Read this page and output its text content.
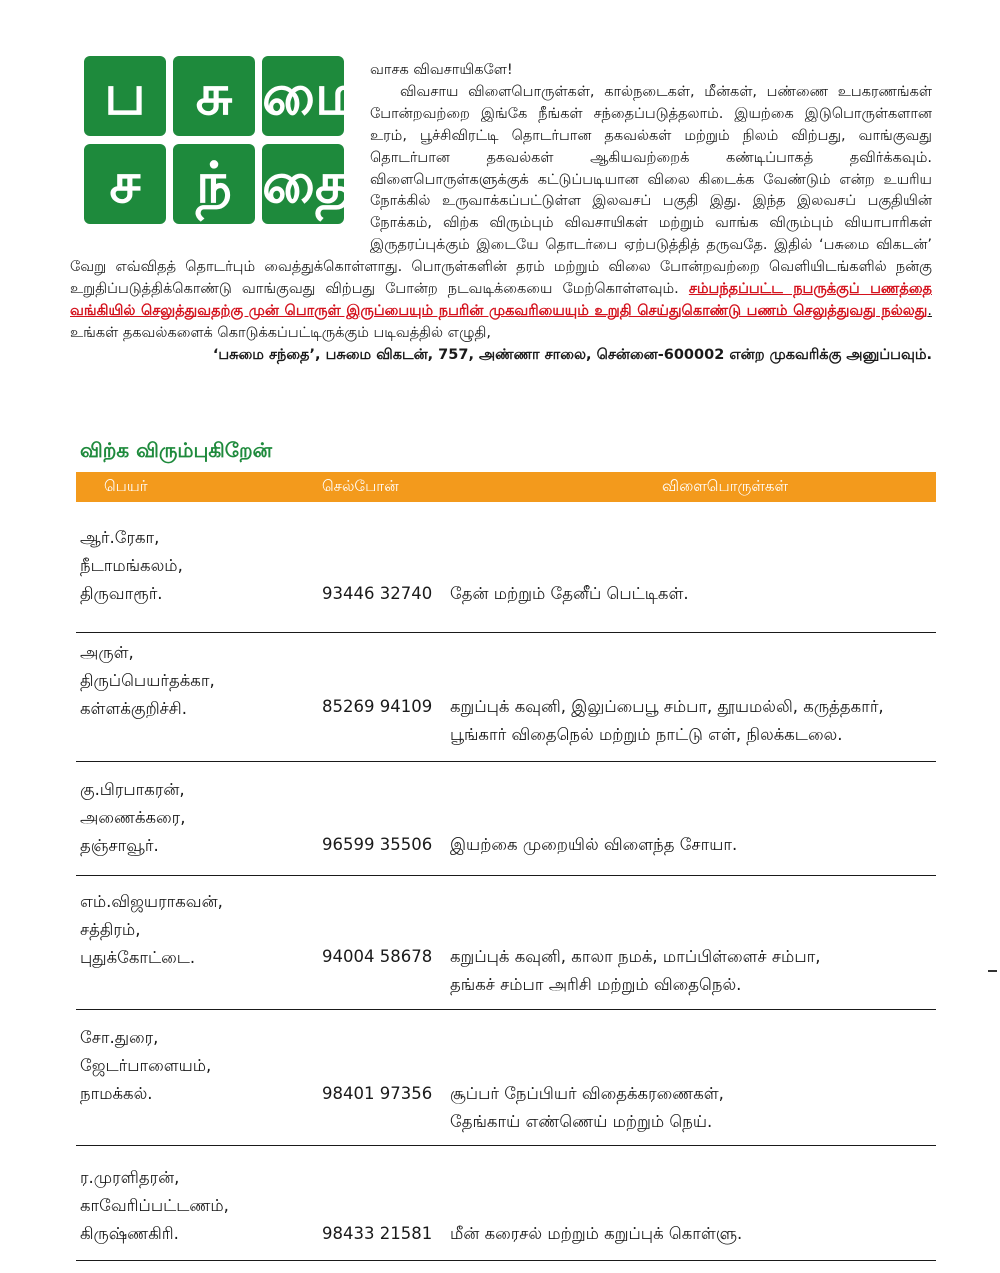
ப சு மை
ச ந் தை

வாசக விவசாயிகளே!

விவசாய விளைபொருள்கள், கால்நடைகள், மீன்கள், பண்ணை உபகரணங்கள் போன்றவற்றை இங்கே நீங்கள் சந்தைப்படுத்தலாம். இயற்கை இடுபொருள்களான உரம், பூச்சிவிரட்டி தொடர்பான தகவல்கள் மற்றும் நிலம் விற்பது, வாங்குவது தொடர்பான தகவல்கள் ஆகியவற்றைக் கண்டிப்பாகத் தவிர்க்கவும். விளைபொருள்களுக்குக் கட்டுப்படியான விலை கிடைக்க வேண்டும் என்ற உயரிய நோக்கில் உருவாக்கப்பட்டுள்ள இலவசப் பகுதி இது. இந்த இலவசப் பகுதியின் நோக்கம், விற்க விரும்பும் விவசாயிகள் மற்றும் வாங்க விரும்பும் வியாபாரிகள் இருதரப்புக்கும் இடையே தொடர்பை ஏற்படுத்தித் தருவதே. இதில் ‘பசுமை விகடன்’ வேறு எவ்விதத் தொடர்பும் வைத்துக்கொள்ளாது. பொருள்களின் தரம் மற்றும் விலை போன்றவற்றை வெளியிடங்களில் நன்கு உறுதிப்படுத்திக்கொண்டு வாங்குவது விற்பது போன்ற நடவடிக்கையை மேற்கொள்ளவும். சம்பந்தப்பட்ட நபருக்குப் பணத்தை வங்கியில் செலுத்துவதற்கு முன் பொருள் இருப்பையும் நபரின் முகவரியையும் உறுதி செய்துகொண்டு பணம் செலுத்துவது நல்லது. உங்கள் தகவல்களைக் கொடுக்கப்பட்டிருக்கும் படிவத்தில் எழுதி,

‘பசுமை சந்தை’, பசுமை விகடன், 757, அண்ணா சாலை, சென்னை-600002 என்ற முகவரிக்கு அனுப்பவும்.

விற்க விரும்புகிறேன்
பெயர்	செல்போன்	விளைபொருள்கள்
ஆர்.ரேகா,
நீடாமங்கலம்,
திருவாரூர்.	93446 32740 தேன் மற்றும் தேனீப் பெட்டிகள்.
அருள்,
திருப்பெயர்தக்கா,
கள்ளக்குறிச்சி.	85269 94109 கறுப்புக் கவுனி, இலுப்பைபூ சம்பா, தூயமல்லி, கருத்தகார்,
பூங்கார் விதைநெல் மற்றும் நாட்டு எள், நிலக்கடலை.
கு.பிரபாகரன்,
அணைக்கரை,
தஞ்சாவூர்.	96599 35506 இயற்கை முறையில் விளைந்த சோயா.
எம்.விஜயராகவன்,
சத்திரம்,
புதுக்கோட்டை.	94004 58678 கறுப்புக் கவுனி, காலா நமக், மாப்பிள்ளைச் சம்பா,
தங்கச் சம்பா அரிசி மற்றும் விதைநெல்.
சோ.துரை,
ஜேடர்பாளையம்,
நாமக்கல்.	98401 97356 சூப்பர் நேப்பியர் விதைக்கரணைகள்,
தேங்காய் எண்ணெய் மற்றும் நெய்.
ர.முரளிதரன்,
காவேரிப்பட்டணம்,
கிருஷ்ணகிரி.	98433 21581 மீன் கரைசல் மற்றும் கறுப்புக் கொள்ளு.
